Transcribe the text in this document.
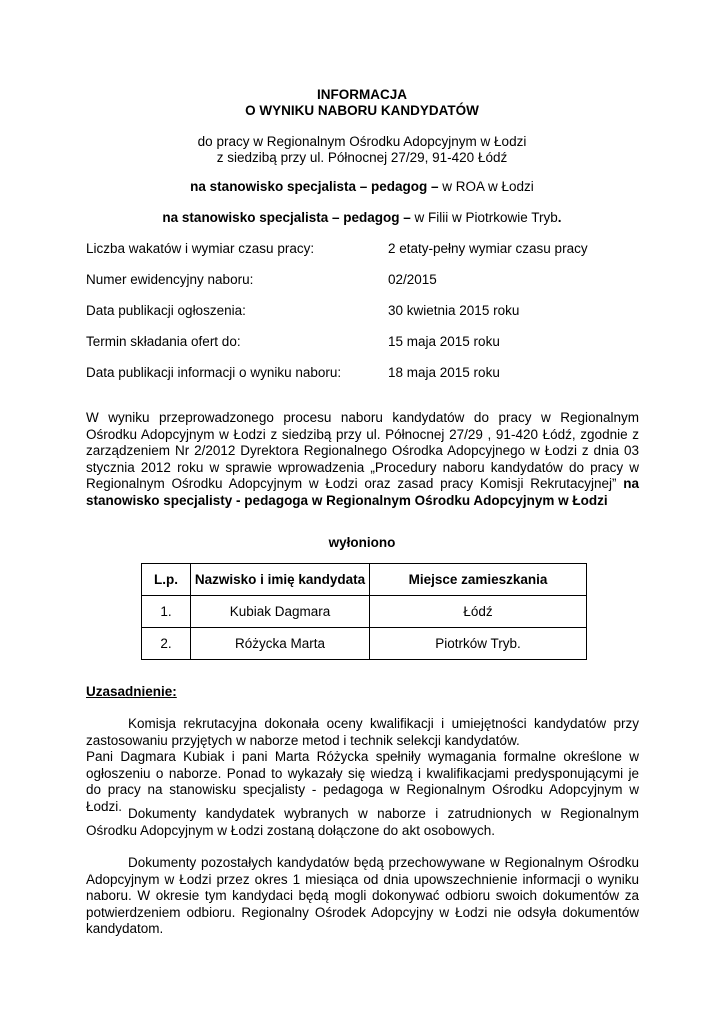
INFORMACJA
O WYNIKU NABORU KANDYDATÓW
do pracy w Regionalnym Ośrodku Adopcyjnym w Łodzi
z siedzibą przy ul. Północnej 27/29, 91-420 Łódź
na stanowisko specjalista – pedagog – w ROA w Łodzi
na stanowisko specjalista – pedagog – w Filii w Piotrkowie Tryb.
Liczba wakatów i wymiar czasu pracy:	2 etaty-pełny wymiar czasu pracy
Numer ewidencyjny naboru:	02/2015
Data publikacji ogłoszenia:	30 kwietnia 2015 roku
Termin składania ofert do:	15 maja 2015 roku
Data publikacji informacji o wyniku naboru:	18 maja 2015 roku

W wyniku przeprowadzonego procesu naboru kandydatów do pracy w Regionalnym Ośrodku Adopcyjnym w Łodzi z siedzibą przy ul. Północnej 27/29 , 91-420 Łódź, zgodnie z zarządzeniem Nr 2/2012 Dyrektora Regionalnego Ośrodka Adopcyjnego w Łodzi z dnia 03 stycznia 2012 roku w sprawie wprowadzenia „Procedury naboru kandydatów do pracy w Regionalnym Ośrodku Adopcyjnym w Łodzi oraz zasad pracy Komisji Rekrutacyjnej” na stanowisko specjalisty - pedagoga w Regionalnym Ośrodku Adopcyjnym w Łodzi

wyłoniono
L.p.	Nazwisko i imię kandydata	Miejsce zamieszkania
1.	Kubiak Dagmara	Łódź
2.	Różycka Marta	Piotrków Tryb.
Uzasadnienie:

Komisja rekrutacyjna dokonała oceny kwalifikacji i umiejętności kandydatów przy zastosowaniu przyjętych w naborze metod i technik selekcji kandydatów.

Pani Dagmara Kubiak i pani Marta Różycka spełniły wymagania formalne określone w ogłoszeniu o naborze. Ponad to wykazały się wiedzą i kwalifikacjami predysponującymi je do pracy na stanowisku specjalisty - pedagoga w Regionalnym Ośrodku Adopcyjnym w Łodzi. Dokumenty kandydatek wybranych w naborze i zatrudnionych w Regionalnym Ośrodku Adopcyjnym w Łodzi zostaną dołączone do akt osobowych.

Dokumenty pozostałych kandydatów będą przechowywane w Regionalnym Ośrodku Adopcyjnym w Łodzi przez okres 1 miesiąca od dnia upowszechnienie informacji o wyniku naboru. W okresie tym kandydaci będą mogli dokonywać odbioru swoich dokumentów za potwierdzeniem odbioru. Regionalny Ośrodek Adopcyjny w Łodzi nie odsyła dokumentów kandydatom.
